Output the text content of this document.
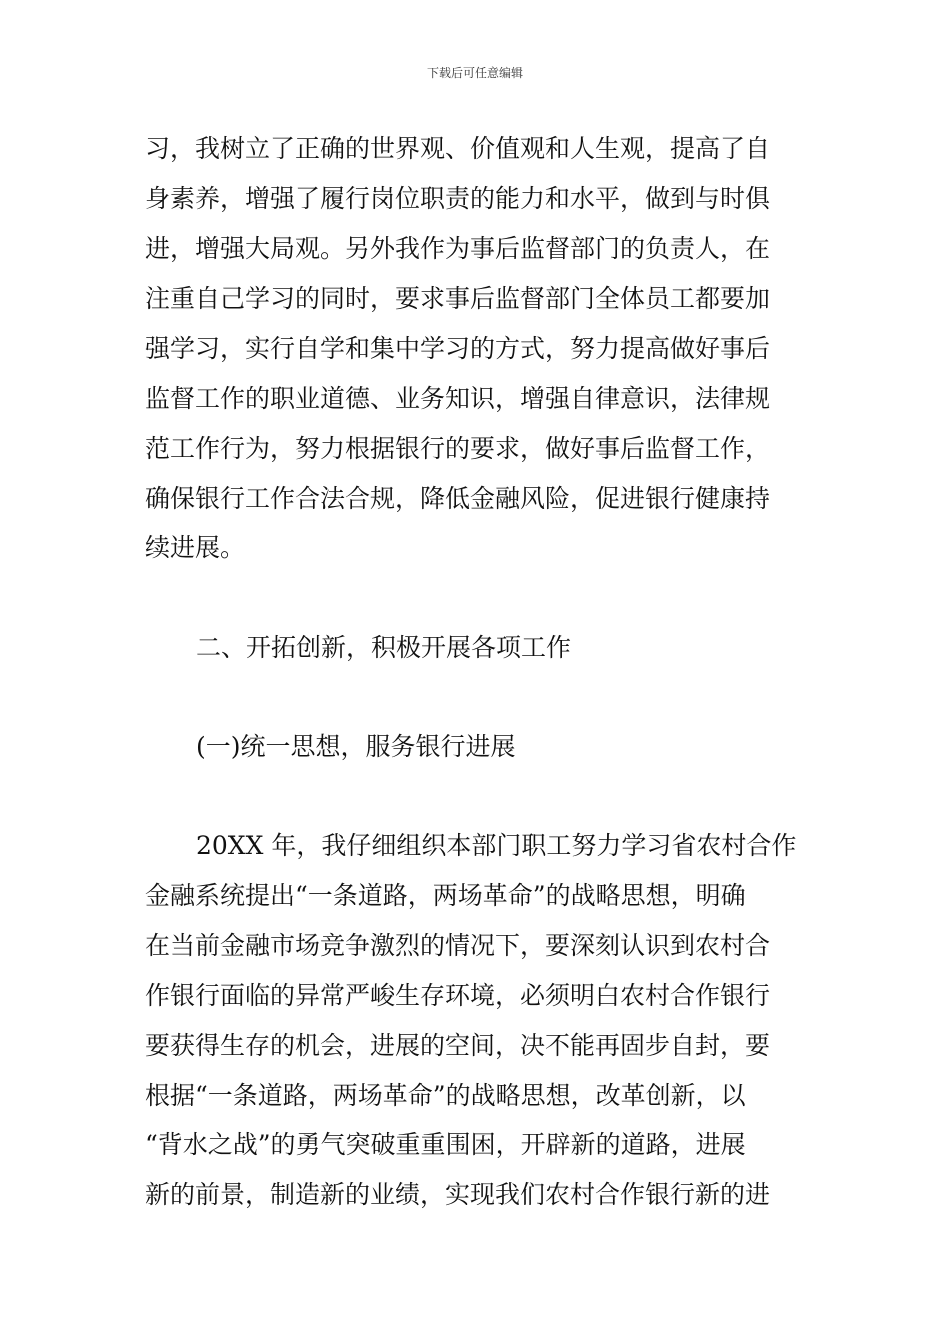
下载后可任意编辑
习，我树立了正确的世界观、价值观和人生观，提高了自
身素养，增强了履行岗位职责的能力和水平，做到与时俱
进，增强大局观。另外我作为事后监督部门的负责人，在
注重自己学习的同时，要求事后监督部门全体员工都要加
强学习，实行自学和集中学习的方式，努力提高做好事后
监督工作的职业道德、业务知识，增强自律意识，法律规
范工作行为，努力根据银行的要求，做好事后监督工作，
确保银行工作合法合规，降低金融风险，促进银行健康持
续进展。
二、开拓创新，积极开展各项工作
(一)统一思想，服务银行进展
20XX 年，我仔细组织本部门职工努力学习省农村合作
金融系统提出“一条道路，两场革命”的战略思想，明确
在当前金融市场竞争激烈的情况下，要深刻认识到农村合
作银行面临的异常严峻生存环境，必须明白农村合作银行
要获得生存的机会，进展的空间，决不能再固步自封，要
根据“一条道路，两场革命”的战略思想，改革创新，以
“背水之战”的勇气突破重重围困，开辟新的道路，进展
新的前景，制造新的业绩，实现我们农村合作银行新的进
